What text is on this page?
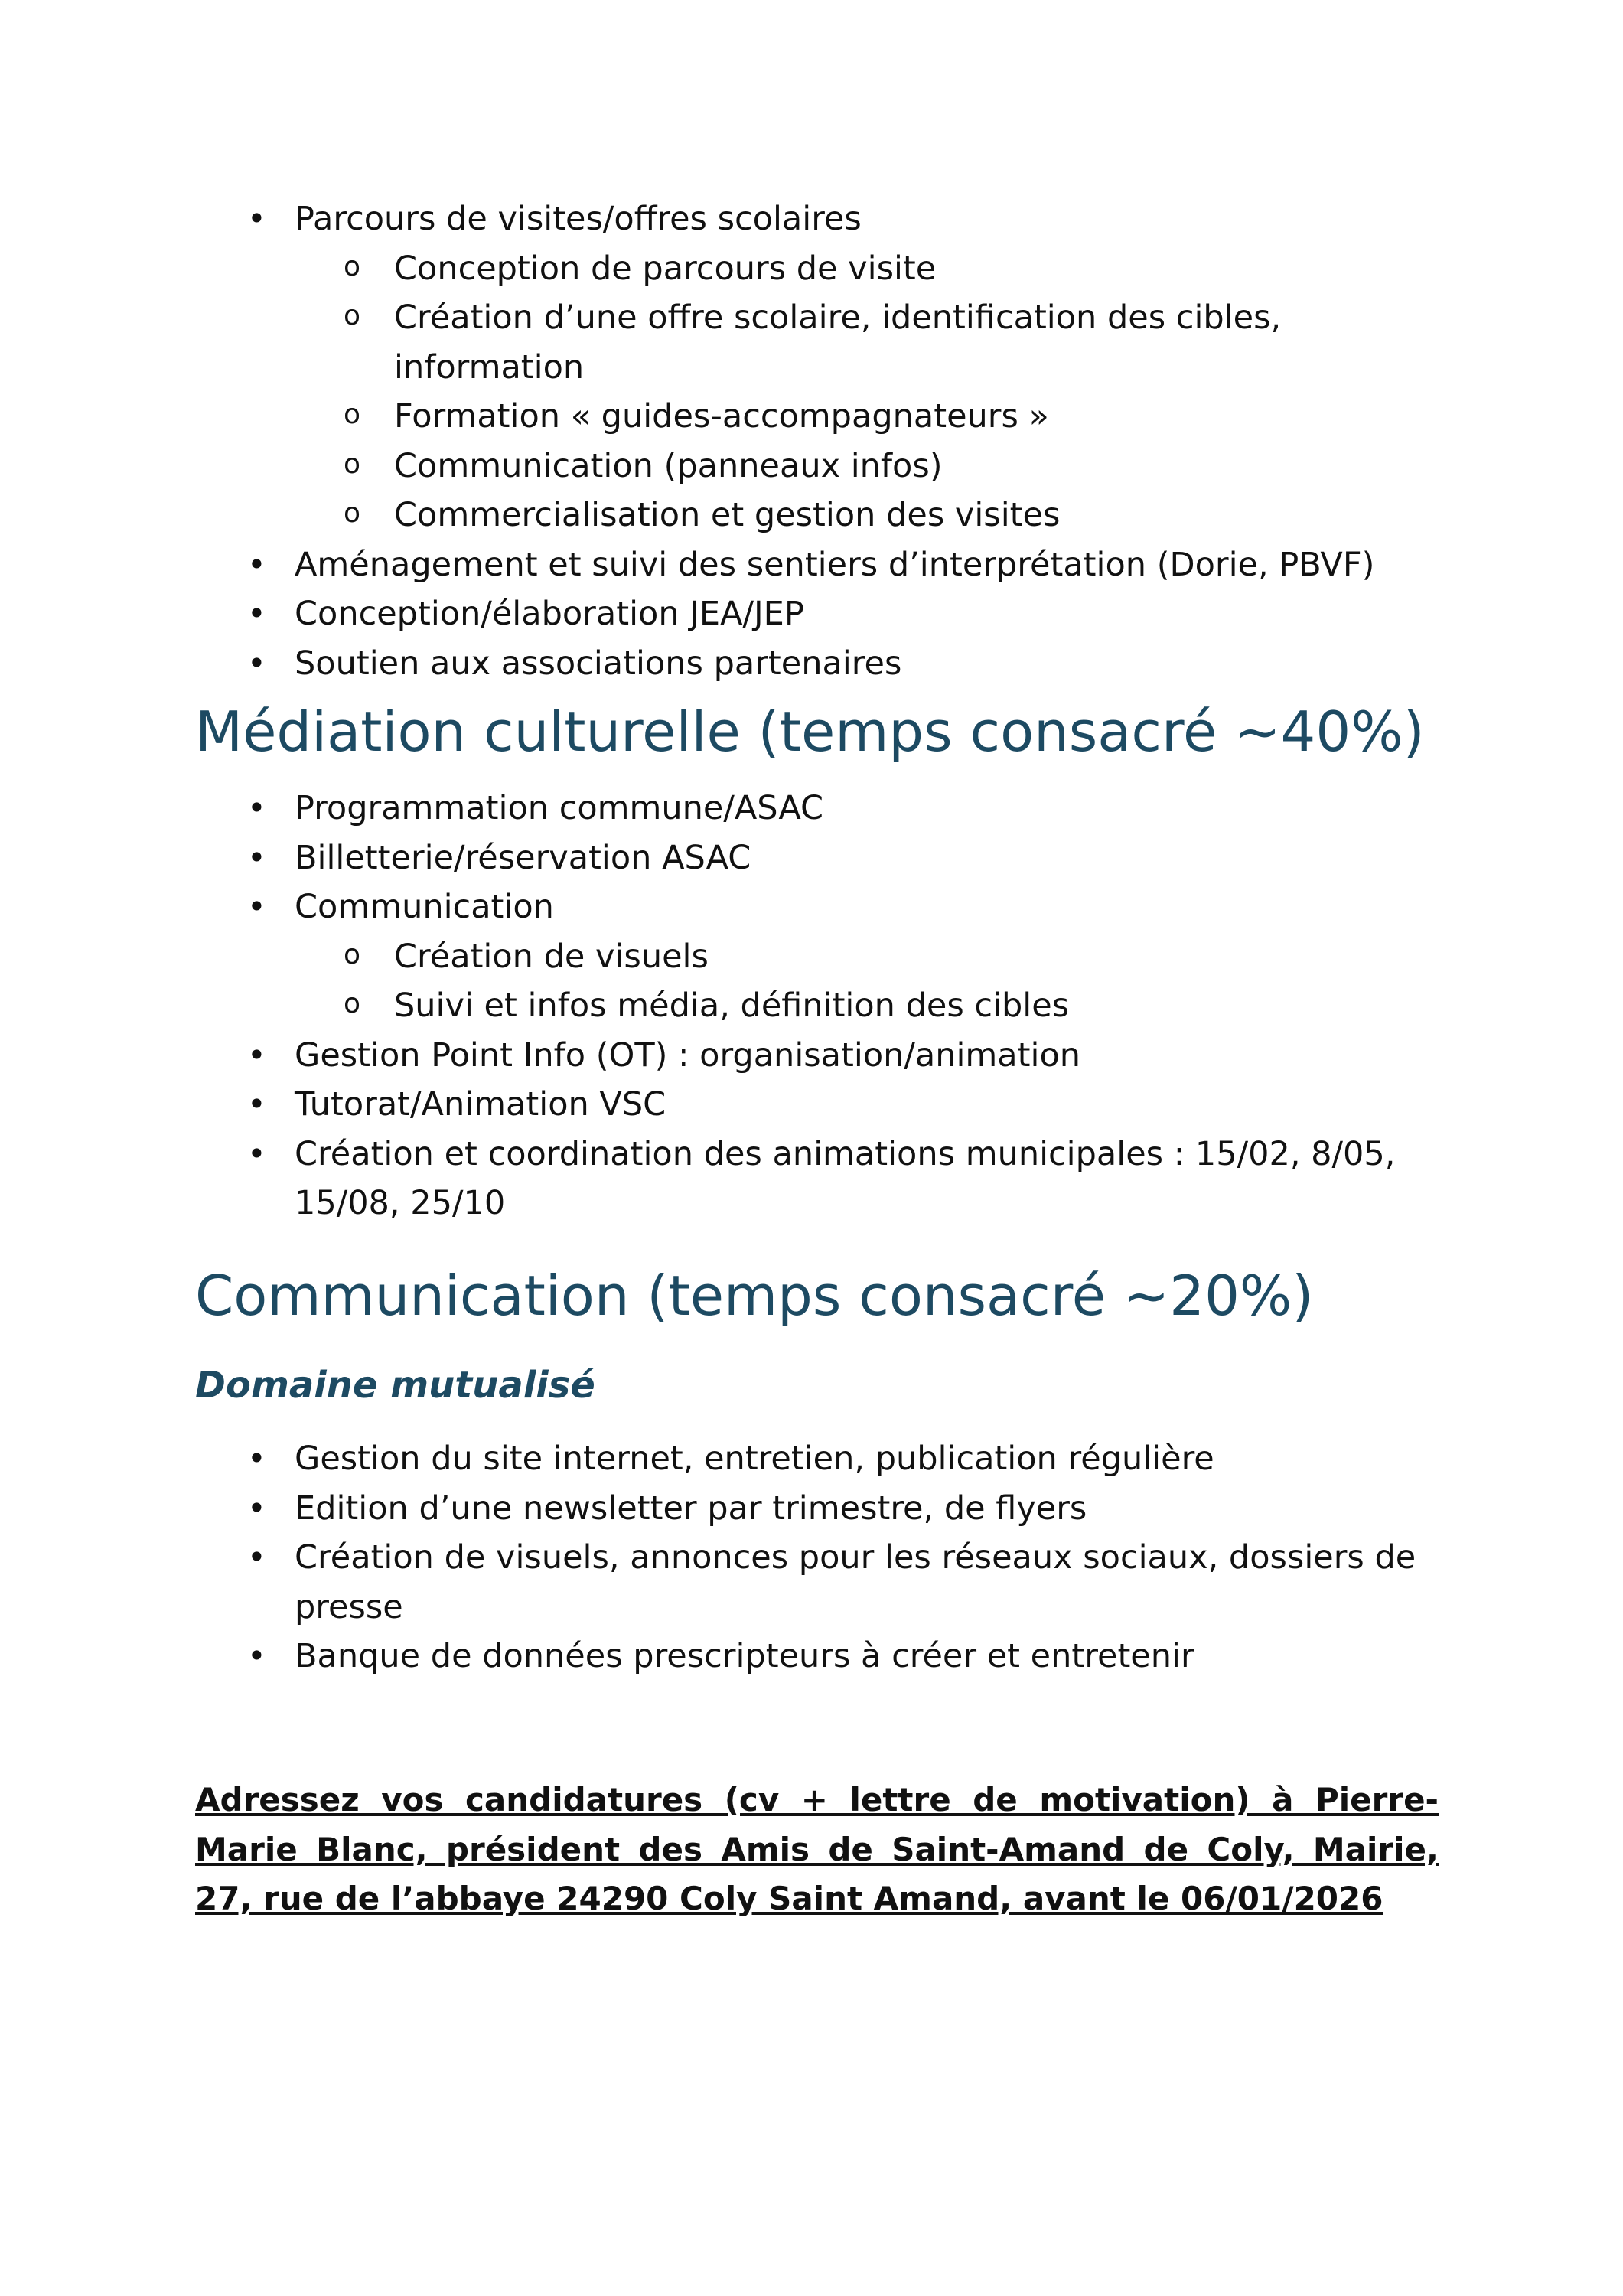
• Parcours de visites/offres scolaires
o Conception de parcours de visite
o Création d’une offre scolaire, identification des cibles, information
o Formation « guides-accompagnateurs »
o Communication (panneaux infos)
o Commercialisation et gestion des visites
• Aménagement et suivi des sentiers d’interprétation (Dorie, PBVF)
• Conception/élaboration JEA/JEP
• Soutien aux associations partenaires
Médiation culturelle (temps consacré ~40%)
• Programmation commune/ASAC
• Billetterie/réservation ASAC
• Communication
o Création de visuels
o Suivi et infos média, définition des cibles
• Gestion Point Info (OT) : organisation/animation
• Tutorat/Animation VSC
• Création et coordination des animations municipales : 15/02, 8/05, 15/08, 25/10
Communication (temps consacré ~20%)
Domaine mutualisé
• Gestion du site internet, entretien, publication régulière
• Edition d’une newsletter par trimestre, de flyers
• Création de visuels, annonces pour les réseaux sociaux, dossiers de presse
• Banque de données prescripteurs à créer et entretenir

Adressez vos candidatures (cv + lettre de motivation) à Pierre-Marie Blanc, président des Amis de Saint-Amand de Coly, Mairie, 27, rue de l’abbaye 24290 Coly Saint Amand, avant le 06/01/2026
